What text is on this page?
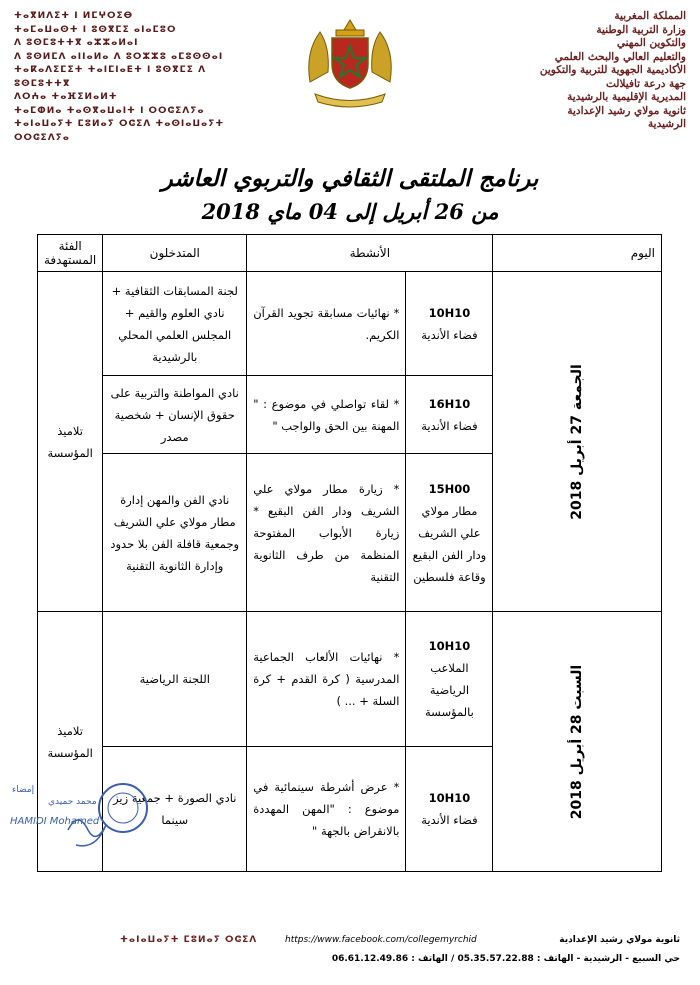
المملكة المغربية
وزارة التربية الوطنية
والتكوين المهني
والتعليم العالي والبحث العلمي
الأكاديمية الجهوية للتربية والتكوين
جهة درعة تافيلالت
المديرية الإقليمية بالرشيدية
ثانوية مولاي رشيد الإعدادية
الرشيدية
ⵜⴰⴳⵍⴷⵉⵜ ⵏ ⵍⵎⵖⵔⵉⴱ
ⵜⴰⵎⴰⵡⴰⵙⵜ ⵏ ⵓⵙⴳⵎⵉ ⴰⵏⴰⵎⵓⵔ
ⴷ ⵓⵙⵎⵓⵜⵜⴳ ⴰⵣⵣⴰⵍⴰⵏ
ⴷ ⵓⵙⵍⵎⴷ ⴰⵏⵏⴰⵍⴰ ⴷ ⵓⵔⵣⵣⵓ ⴰⵎⵓⵙⵙⴰⵏ
ⵜⴰⴽⴰⴷⵉⵎⵉⵜ ⵜⴰⵏⵎⵏⴰⴹⵜ ⵏ ⵓⵙⴳⵎⵉ ⴷ ⵓⵙⵎⵓⵜⵜⴳ
ⴷⵔⵄⴰ ⵜⴰⴼⵉⵍⴰⵍⵜ
ⵜⴰⵎⵀⵍⴰ ⵜⴰⵙⴳⴰⵡⴰⵏⵜ ⵏ ⵔⵔⵛⵉⴷⵢⴰ
ⵜⴰⵏⴰⵡⴰⵢⵜ ⵎⵓⵍⴰⵢ ⵔⵛⵉⴷ ⵜⴰⵙⵏⴰⵡⴰⵢⵜ
ⵔⵔⵛⵉⴷⵢⴰ
برنامج الملتقى الثقافي والتربوي العاشر
من 26 أبريل إلى 04 ماي 2018
اليوم	الأنشطة		المتدخلون	الفئة المستهدفة
الجمعة 27 أبريل 2018	10H10
فضاء الأندية	* نهائيات مسابقة تجويد القرآن الكريم.	لجنة المسابقات الثقافية + نادي العلوم والقيم + المجلس العلمي المحلي بالرشيدية	تلاميذ المؤسسة

	16H10
فضاء الأندية	* لقاء تواصلي في موضوع : " المهنة بين الحق والواجب "	نادي المواطنة والتربية على حقوق الإنسان + شخصية مصدر	

	15H00
مطار مولاي علي الشريف ودار الفن البقيع وقاعة فلسطين	* زيارة مطار مولاي علي الشريف ودار الفن البقيع * زيارة الأبواب المفتوحة المنظمة من طرف الثانوية التقنية	نادي الفن والمهن إدارة مطار مولاي علي الشريف وجمعية قافلة الفن بلا حدود وإدارة الثانوية التقنية	
السبت 28 أبريل 2018	10H10
الملاعب الرياضية بالمؤسسة	* نهائيات الألعاب الجماعية المدرسية ( كرة القدم + كرة السلة + ... )	اللجنة الرياضية	تلاميذ المؤسسة

	10H10
فضاء الأندية	* عرض أشرطة سينمائية في موضوع : "المهن المهددة بالانقراض بالجهة "	نادي الصورة + جمعية زيز سينما	
إمضاء
محمد حميدي
HAMIDI Mohamed
ⵜⴰⵏⴰⵡⴰⵢⵜ ⵎⵓⵍⴰⵢ ⵔⵛⵉⴷ	https://www.facebook.com/collegemyrchid	ثانوية مولاي رشيد الإعدادية
حي السبيع - الرشيدية - الهاتف : 05.35.57.22.88 / الهاتف : 06.61.12.49.86
